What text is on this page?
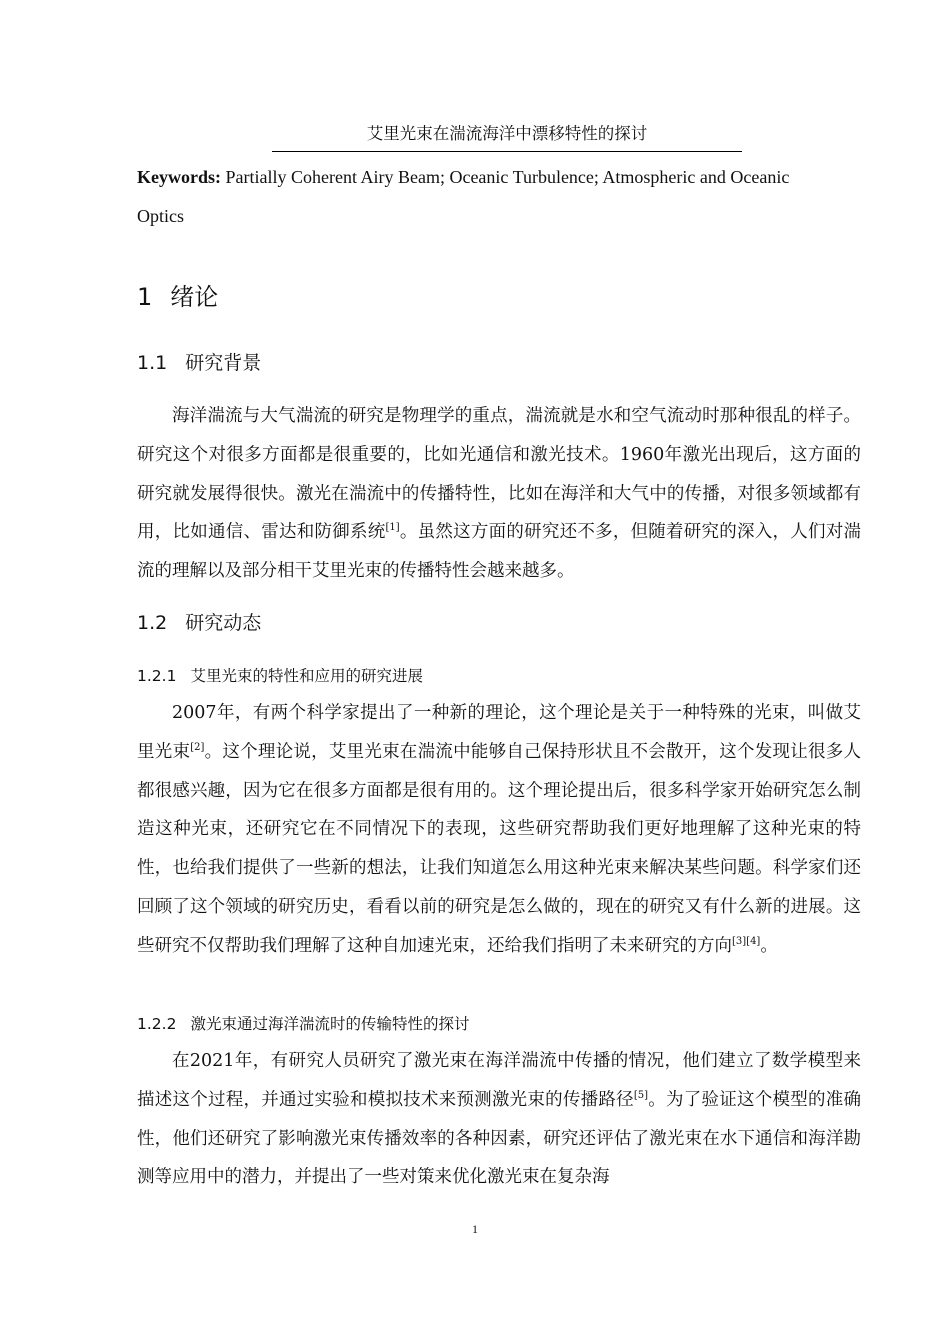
艾里光束在湍流海洋中漂移特性的探讨
Keywords: Partially Coherent Airy Beam; Oceanic Turbulence; Atmospheric and Oceanic Optics
1 绪论
1.1 研究背景
海洋湍流与大气湍流的研究是物理学的重点，湍流就是水和空气流动时那种很乱的样子。研究这个对很多方面都是很重要的，比如光通信和激光技术。1960年激光出现后，这方面的研究就发展得很快。激光在湍流中的传播特性，比如在海洋和大气中的传播，对很多领域都有用，比如通信、雷达和防御系统[1]。虽然这方面的研究还不多，但随着研究的深入，人们对湍流的理解以及部分相干艾里光束的传播特性会越来越多。
1.2 研究动态
1.2.1 艾里光束的特性和应用的研究进展
2007年，有两个科学家提出了一种新的理论，这个理论是关于一种特殊的光束，叫做艾里光束[2]。这个理论说，艾里光束在湍流中能够自己保持形状且不会散开，这个发现让很多人都很感兴趣，因为它在很多方面都是很有用的。这个理论提出后，很多科学家开始研究怎么制造这种光束，还研究它在不同情况下的表现，这些研究帮助我们更好地理解了这种光束的特性，也给我们提供了一些新的想法，让我们知道怎么用这种光束来解决某些问题。科学家们还回顾了这个领域的研究历史，看看以前的研究是怎么做的，现在的研究又有什么新的进展。这些研究不仅帮助我们理解了这种自加速光束，还给我们指明了未来研究的方向[3][4]。
1.2.2 激光束通过海洋湍流时的传输特性的探讨
在2021年，有研究人员研究了激光束在海洋湍流中传播的情况，他们建立了数学模型来描述这个过程，并通过实验和模拟技术来预测激光束的传播路径[5]。为了验证这个模型的准确性，他们还研究了影响激光束传播效率的各种因素，研究还评估了激光束在水下通信和海洋勘测等应用中的潜力，并提出了一些对策来优化激光束在复杂海
1
